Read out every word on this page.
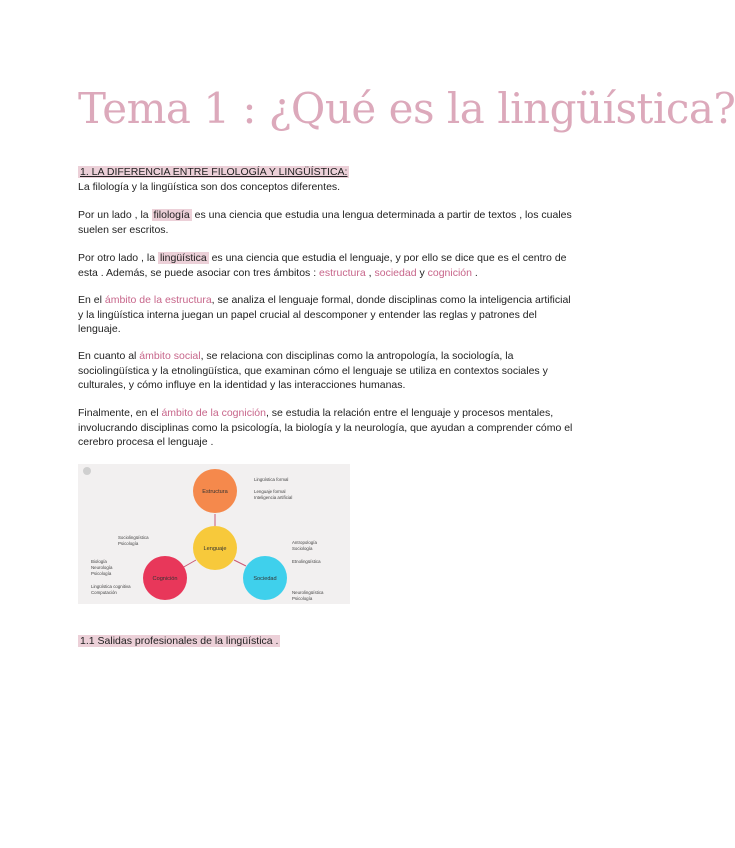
Tema 1 : ¿Qué es la lingüística?

1. LA DIFERENCIA ENTRE FILOLOGÍA Y LINGÜÍSTICA:

La filología y la lingüística son dos conceptos diferentes.

Por un lado , la filología es una ciencia que estudia una lengua determinada a partir de textos , los cuales suelen ser escritos.

Por otro lado , la lingüística es una ciencia que estudia el lenguaje, y por ello se dice que es el centro de esta . Además, se puede asociar con tres ámbitos : estructura , sociedad y cognición .

En el ámbito de la estructura, se analiza el lenguaje formal, donde disciplinas como la inteligencia artificial y la lingüística interna juegan un papel crucial al descomponer y entender las reglas y patrones del lenguaje.

En cuanto al ámbito social, se relaciona con disciplinas como la antropología, la sociología, la sociolingüística y la etnolingüística, que examinan cómo el lenguaje se utiliza en contextos sociales y culturales, y cómo influye en la identidad y las interacciones humanas.

Finalmente, en el ámbito de la cognición, se estudia la relación entre el lenguaje y procesos mentales, involucrando disciplinas como la psicología, la biología y la neurología, que ayudan a comprender cómo el cerebro procesa el lenguaje .

Estructura
Lenguaje
Cognición	Sociedad
Lingüística formal
Lenguaje formal
Inteligencia artificial
Sociolingüística
Psicología	Antropología
Sociología
Etnolingüística
Neurolingüística
Psicología
Biología
Neurología
Psicología
Lingüística cognitiva
Computación

1.1 Salidas profesionales de la lingüística .
